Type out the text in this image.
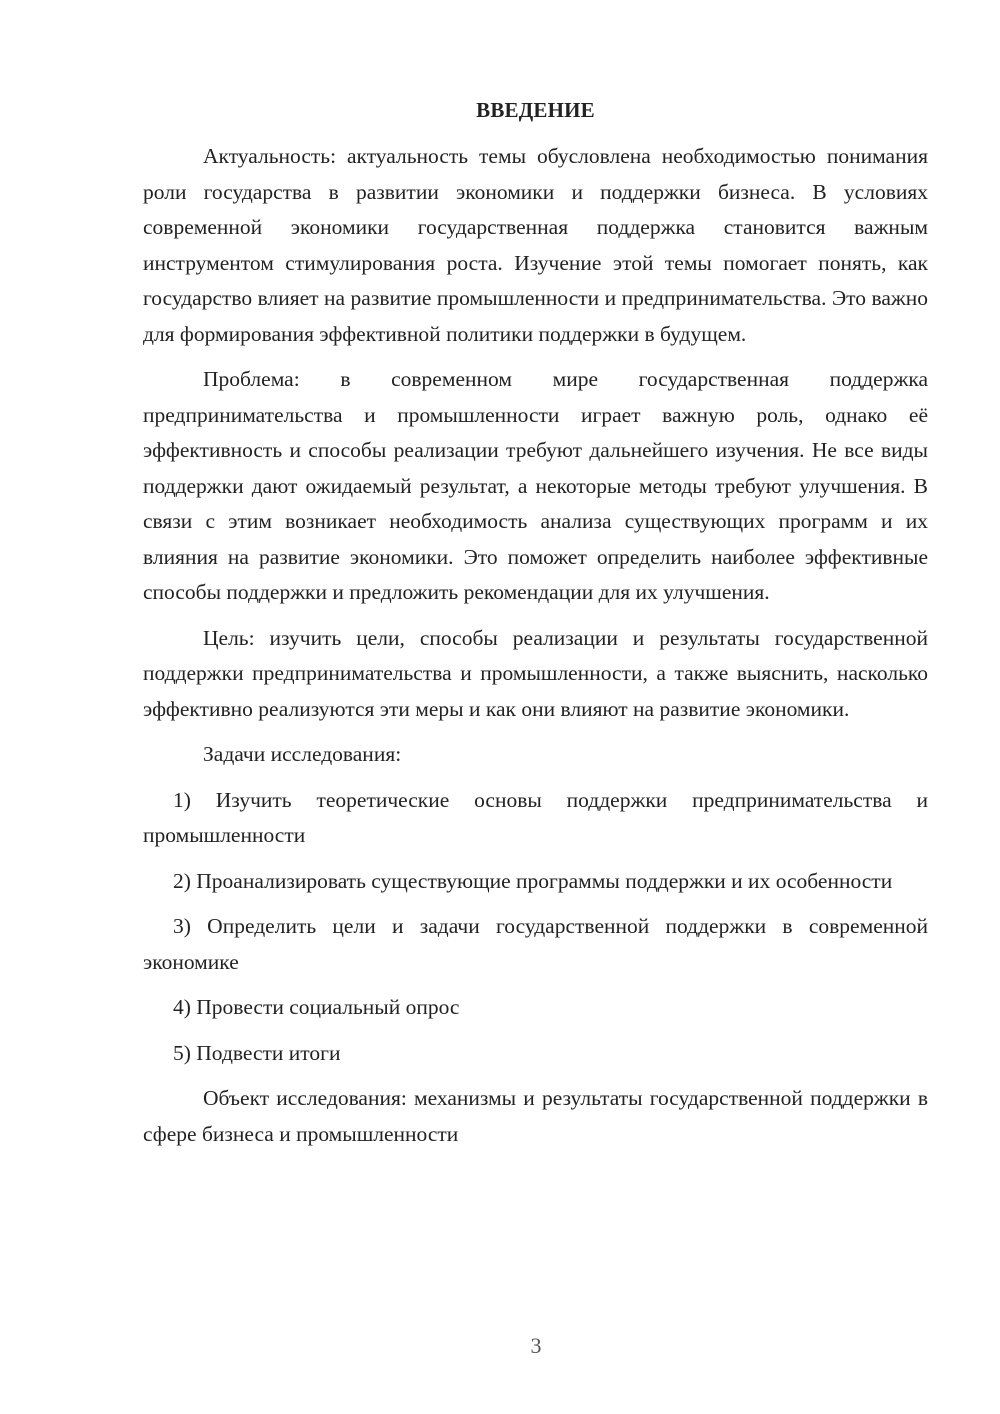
ВВЕДЕНИЕ

Актуальность: актуальность темы обусловлена необходимостью понимания роли государства в развитии экономики и поддержки бизнеса. В условиях современной экономики государственная поддержка становится важным инструментом стимулирования роста. Изучение этой темы помогает понять, как государство влияет на развитие промышленности и предпринимательства. Это важно для формирования эффективной политики поддержки в будущем.

Проблема: в современном мире государственная поддержка предпринимательства и промышленности играет важную роль, однако её эффективность и способы реализации требуют дальнейшего изучения. Не все виды поддержки дают ожидаемый результат, а некоторые методы требуют улучшения. В связи с этим возникает необходимость анализа существующих программ и их влияния на развитие экономики. Это поможет определить наиболее эффективные способы поддержки и предложить рекомендации для их улучшения.

Цель: изучить цели, способы реализации и результаты государственной поддержки предпринимательства и промышленности, а также выяснить, насколько эффективно реализуются эти меры и как они влияют на развитие экономики.

Задачи исследования:

1) Изучить теоретические основы поддержки предпринимательства и промышленности

2) Проанализировать существующие программы поддержки и их особенности

3) Определить цели и задачи государственной поддержки в современной экономике

4) Провести социальный опрос

5) Подвести итоги

Объект исследования: механизмы и результаты государственной поддержки в сфере бизнеса и промышленности

3
